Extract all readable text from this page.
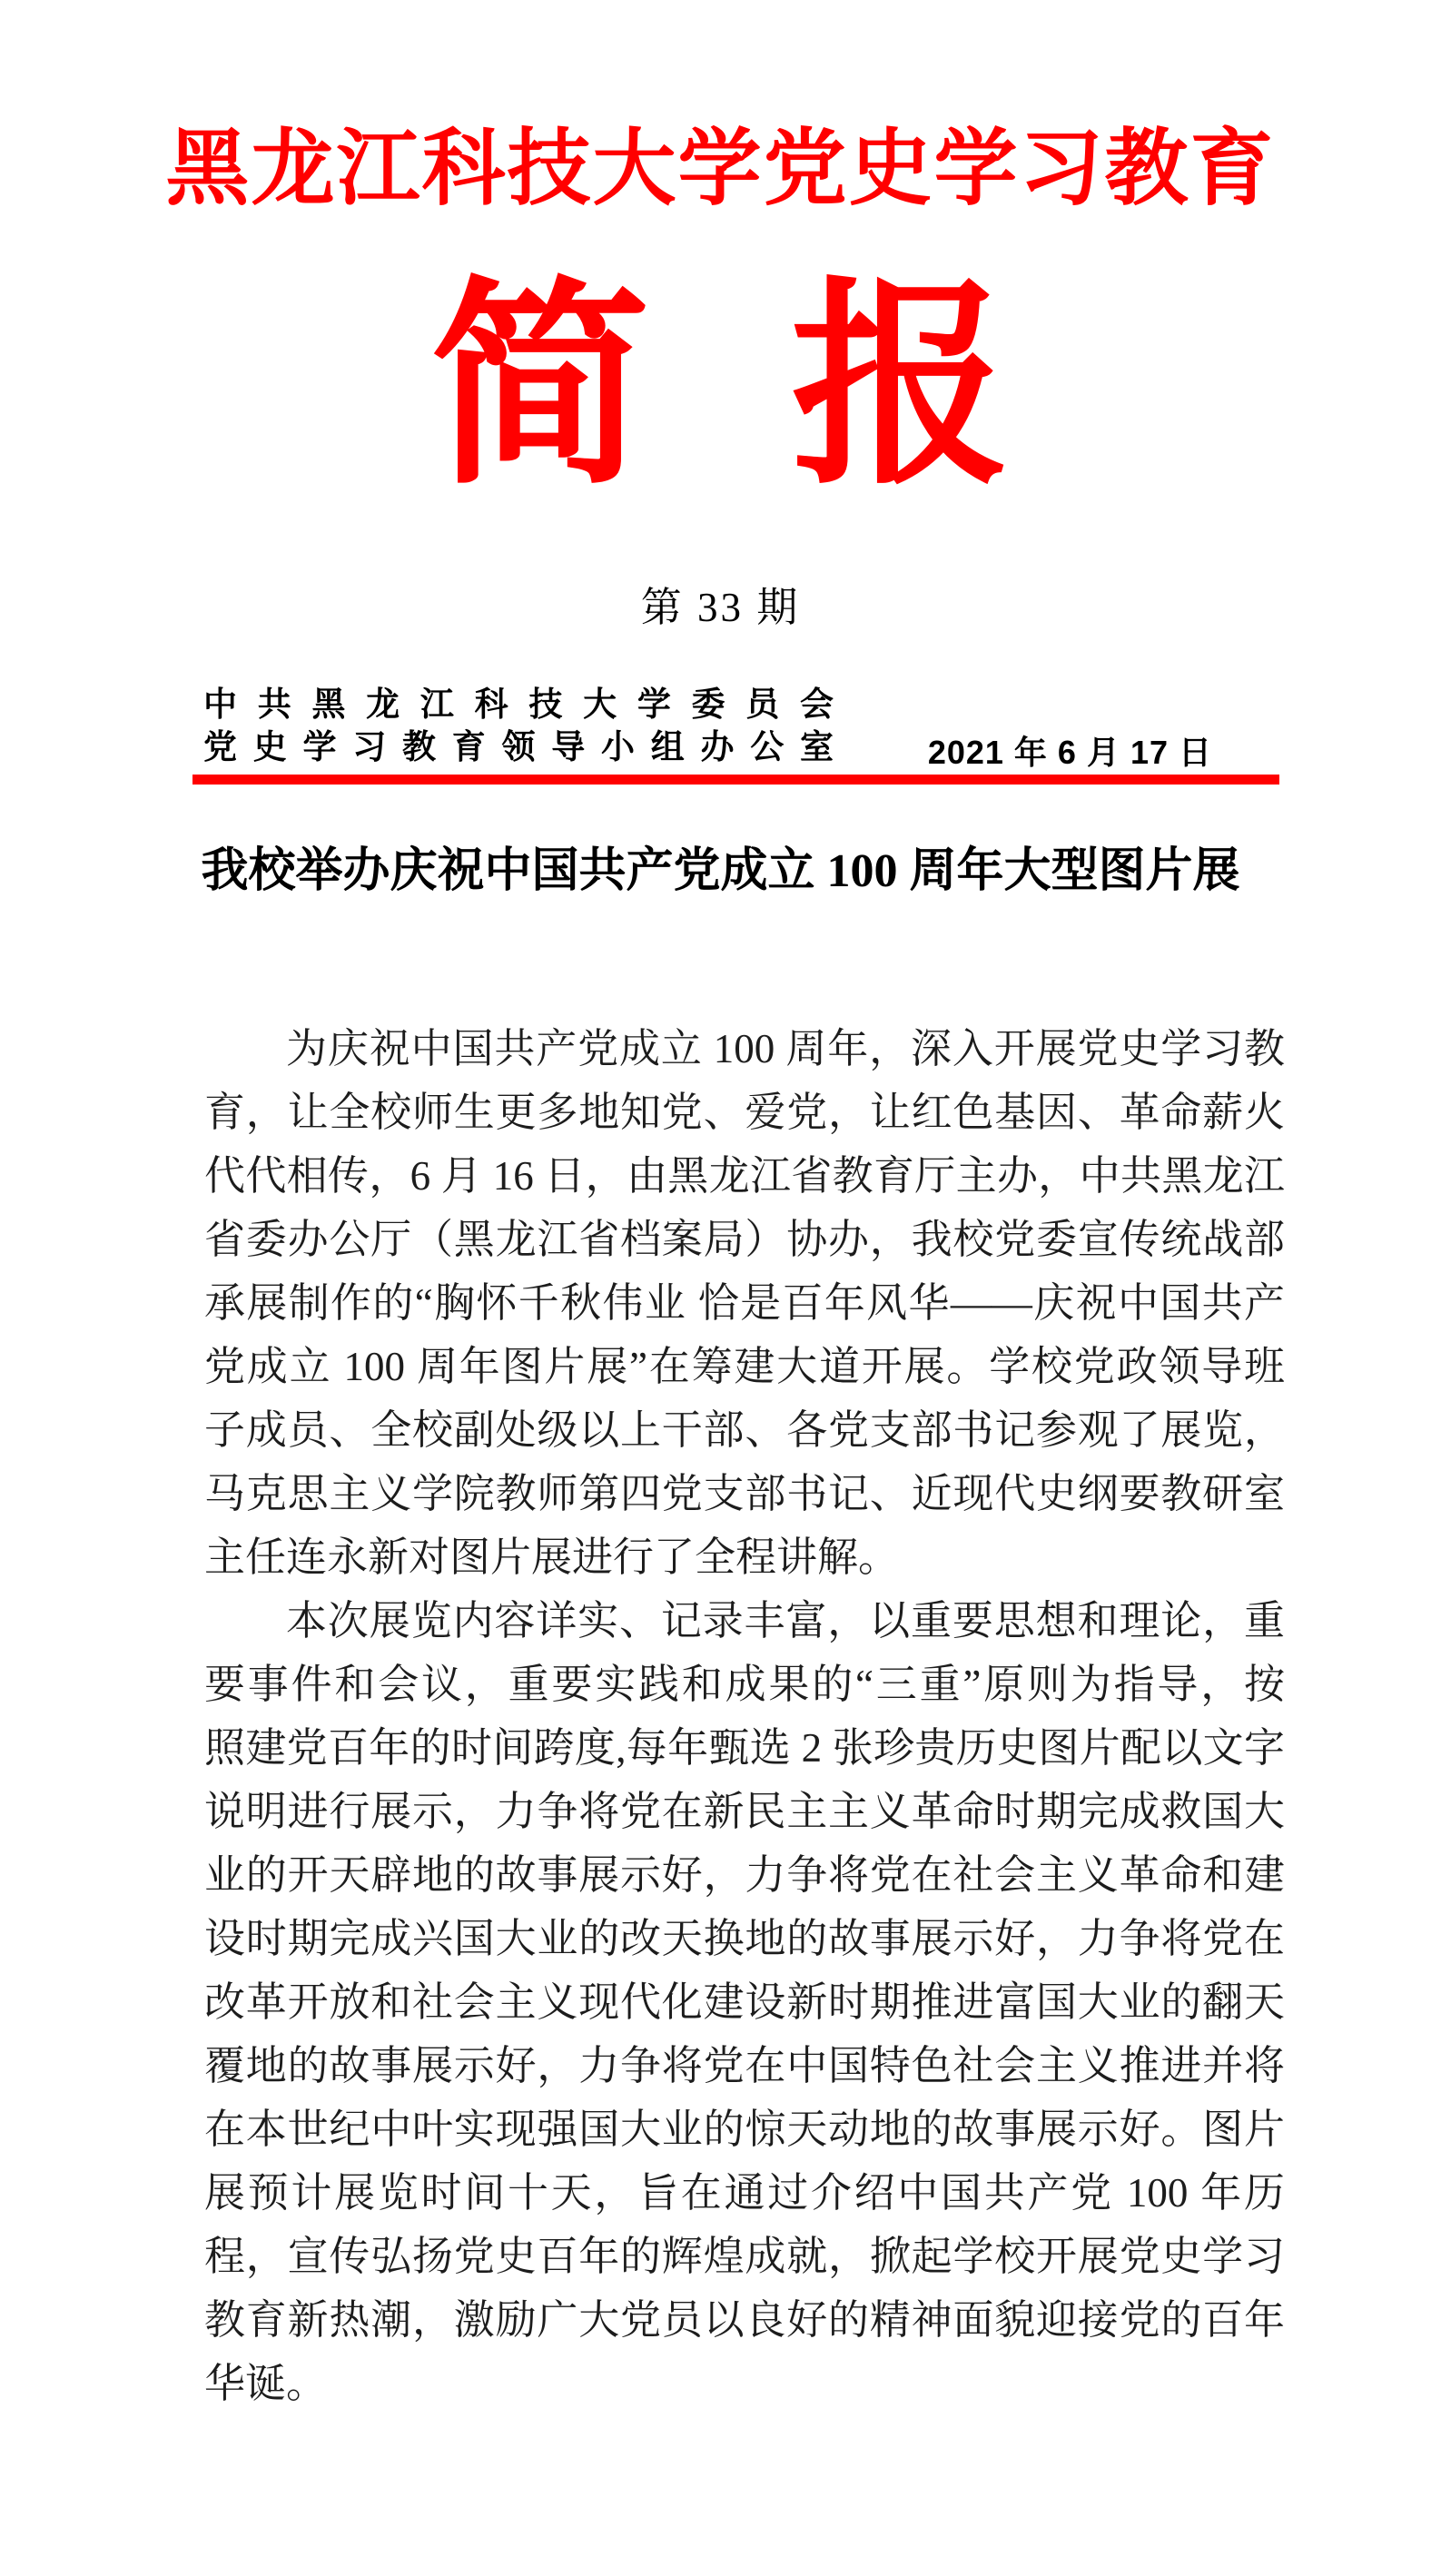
黑龙江科技大学党史学习教育
简报
第 33 期
中共黑龙江科技大学委员会
党史学习教育领导小组办公室	2021 年 6 月 17 日
我校举办庆祝中国共产党成立 100 周年大型图片展
为庆祝中国共产党成立 100 周年，深入开展党史学习教
育，让全校师生更多地知党、爱党，让红色基因、革命薪火
代代相传，6 月 16 日，由黑龙江省教育厅主办，中共黑龙江
省委办公厅（黑龙江省档案局）协办，我校党委宣传统战部
承展制作的“胸怀千秋伟业 恰是百年风华——庆祝中国共产
党成立 100 周年图片展”在筹建大道开展。学校党政领导班
子成员、全校副处级以上干部、各党支部书记参观了展览，
马克思主义学院教师第四党支部书记、近现代史纲要教研室
主任连永新对图片展进行了全程讲解。
本次展览内容详实、记录丰富，以重要思想和理论，重
要事件和会议，重要实践和成果的“三重”原则为指导，按
照建党百年的时间跨度,每年甄选 2 张珍贵历史图片配以文字
说明进行展示，力争将党在新民主主义革命时期完成救国大
业的开天辟地的故事展示好，力争将党在社会主义革命和建
设时期完成兴国大业的改天换地的故事展示好，力争将党在
改革开放和社会主义现代化建设新时期推进富国大业的翻天
覆地的故事展示好，力争将党在中国特色社会主义推进并将
在本世纪中叶实现强国大业的惊天动地的故事展示好。图片
展预计展览时间十天，旨在通过介绍中国共产党 100 年历
程，宣传弘扬党史百年的辉煌成就，掀起学校开展党史学习
教育新热潮，激励广大党员以良好的精神面貌迎接党的百年
华诞。
